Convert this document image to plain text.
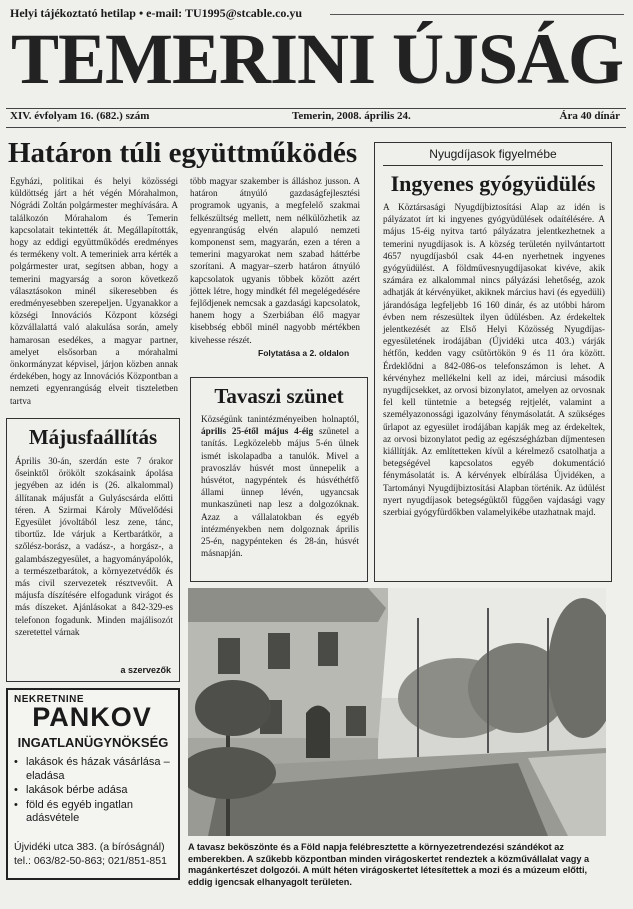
Helyi tájékoztató hetilap • e-mail: TU1995@stcable.co.yu
TEMERINI ÚJSÁG
XIV. évfolyam 16. (682.) szám	Temerin, 2008. április 24.	Ára 40 dínár
Határon túli együttműködés
Egyházi, politikai és helyi közösségi küldöttség járt a hét végén Mórahalmon, Nógrádi Zoltán polgármester meghívására. A találkozón Mórahalom és Temerin kapcsolatait tekintették át. Megállapították, hogy az eddigi együttműködés eredményes és termékeny volt. A temeriniek arra kérték a polgármester urat, segítsen abban, hogy a temerini magyarság a soron következő választásokon minél sikeresebben és eredményesebben szerepeljen. Ugyanakkor a községi Innovációs Központ községi közvállalattá való alakulása során, amely hamarosan esedékes, a magyar partner, amelyet elsősorban a mórahalmi önkormányzat képvisel, járjon közben annak érdekében, hogy az Innovációs Központban a nemzeti egyenrangúság elveit tiszteletben tartva
több magyar szakember is álláshoz jusson. A határon átnyúló gazdaságfejlesztési programok ugyanis, a megfelelő szakmai felkészültség mellett, nem nélkülözhetik az egyenrangúság elvén alapuló nemzeti komponenst sem, magyarán, ezen a téren a temerini magyarokat nem szabad háttérbe szorítani. A magyar–szerb határon átnyúló kapcsolatok ugyanis többek között azért jöttek létre, hogy mindkét fél megelégedésére fejlődjenek nemcsak a gazdasági kapcsolatok, hanem hogy a Szerbiában élő magyar kisebbség ebből minél nagyobb mértékben kivehesse részét.
Folytatása a 2. oldalon
Májusfaállítás
Április 30-án, szerdán este 7 órakor őseinktől örökölt szokásaink ápolása jegyében az idén is (26. alkalommal) állítanak májusfát a Gulyáscsárda előtti téren. A Szirmai Károly Művelődési Egyesület jóvoltából lesz zene, tánc, tibortűz. Ide várjuk a Kertbarátkör, a szőlész-borász, a vadász-, a horgász-, a galambászegyesület, a hagyományápolók, a természetbarátok, a környezetvédők és más civil szervezetek résztvevőit. A májusfa díszítésére elfogadunk virágot és más díszeket. Ajánlásokat a 842-329-es telefonon fogadunk. Minden majálisozót szeretettel várnak
a szervezők
Tavaszi szünet
Községünk tanintézményeiben holnaptól, április 25-étől május 4-éig szünetel a tanítás. Legközelebb május 5-én ülnek ismét iskolapadba a tanulók. Mivel a pravoszláv húsvét most ünnepelik a húsvétot, nagypéntek és húsvéthétfő állami ünnep lévén, ugyancsak munkaszüneti nap lesz a dolgozóknak. Azaz a vállalatokban és egyéb intézményekben nem dolgoznak április 25-én, nagypénteken és 28-án, húsvét másnapján.
Nyugdíjasok figyelmébe
Ingyenes gyógyüdülés
A Köztársasági Nyugdíjbiztosítási Alap az idén is pályázatot írt ki ingyenes gyógyüdülések odaítélésére. A május 15-éig nyitva tartó pályázatra jelentkezhetnek a temerini nyugdíjasok is. A község területén nyilvántartott 4657 nyugdíjasból csak 44-en nyerhetnek ingyenes gyógyüdülést. A földművesnyugdíjasokat kivéve, akik számára ez alkalommal nincs pályázási lehetőség, azok adhatják át kérvényüket, akiknek március havi (és egyedüli) járandósága legfeljebb 16 160 dinár, és az utóbbi három évben nem részesültek ilyen üdülésben. Az érdekeltek jelentkezését az Első Helyi Közösség Nyugdíjas-egyesületének irodájában (Újvidéki utca 403.) várják hétfőn, kedden vagy csütörtökön 9 és 11 óra között. Érdeklődni a 842-086-os telefonszámon is lehet. A kérvényhez mellékelni kell az idei, márciusi második nyugdíjcsekket, az orvosi bizonylatot, amelyen az orvosnak fel kell tüntetnie a betegség rejtjelét, valamint a személyazonossági igazolvány fénymásolatát. A szükséges űrlapot az egyesület irodájában kapják meg az érdekeltek, az orvosi bizonylatot pedig az egészségházban díjmentesen kiállítják. Az említetteken kívül a kérelmező csatolhatja a betegségével kapcsolatos egyéb dokumentáció fénymásolatát is. A kérvények elbírálása Újvidéken, a Tartományi Nyugdíjbiztosítási Alapban történik. Az üdülést nyert nyugdíjasok betegségüktől függően vajdasági vagy szerbiai gyógyfürdőkben valamelyikébe utazhatnak majd.
NEKRETNINE
PANKOV
INGATLANÜGYNÖKSÉG
• lakások és házak vásárlása – eladása
• lakások bérbe adása
• föld és egyéb ingatlan adásvétele
Újvidéki utca 383. (a bíróságnál)
tel.: 063/82-50-863; 021/851-851
A tavasz beköszönte és a Föld napja felébresztette a környezetrendezési szándékot az emberekben. A szűkebb központban minden virágoskertet rendeztek a közművállalat vagy a magánkertészet dolgozói. A múlt héten virágoskertet létesítettek a mozi és a múzeum előtti, eddig igencsak elhanyagolt területen.
